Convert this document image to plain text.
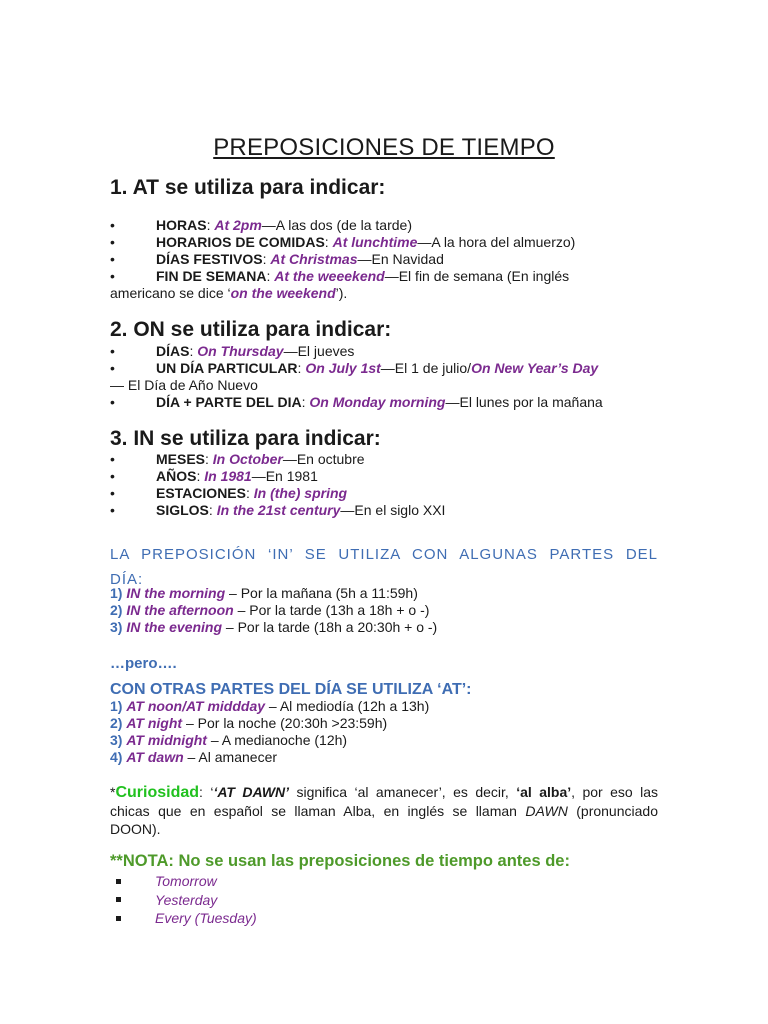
PREPOSICIONES DE TIEMPO
1. AT se utiliza para indicar:
•	HORAS: At 2pm—A las dos (de la tarde)
•	HORARIOS DE COMIDAS: At lunchtime—A la hora del almuerzo)
•	DÍAS FESTIVOS: At Christmas—En Navidad
•	FIN DE SEMANA: At the weeekend—El fin de semana (En inglés
americano se dice ‘on the weekend’).
2. ON se utiliza para indicar:
•	DÍAS: On Thursday—El jueves
•	UN DÍA PARTICULAR: On July 1st—El 1 de julio/On New Year’s Day
— El Día de Año Nuevo
•	DÍA + PARTE DEL DIA: On Monday morning—El lunes por la mañana
3. IN se utiliza para indicar:
•	MESES: In October—En octubre
•	AÑOS: In 1981—En 1981
•	ESTACIONES: In (the) spring
•	SIGLOS: In the 21st century—En el siglo XXI

LA PREPOSICIÓN ‘IN’ SE UTILIZA CON ALGUNAS PARTES DEL
DÍA:

1) IN the morning – Por la mañana (5h a 11:59h)
2) IN the afternoon – Por la tarde (13h a 18h + o -)
3) IN the evening – Por la tarde (18h a 20:30h + o -)

…pero….

CON OTRAS PARTES DEL DÍA SE UTILIZA ‘AT’:

1) AT noon/AT middday – Al mediodía (12h a 13h)
2) AT night – Por la noche (20:30h >23:59h)
3) AT midnight – A medianoche (12h)
4) AT dawn – Al amanecer

*Curiosidad: ‘‘AT DAWN’ significa ‘al amanecer’, es decir, ‘al alba’, por eso las chicas que en español se llaman Alba, en inglés se llaman DAWN (pronunciado DOON).

**NOTA: No se usan las preposiciones de tiempo antes de:

Tomorrow
Yesterday
Every (Tuesday)
